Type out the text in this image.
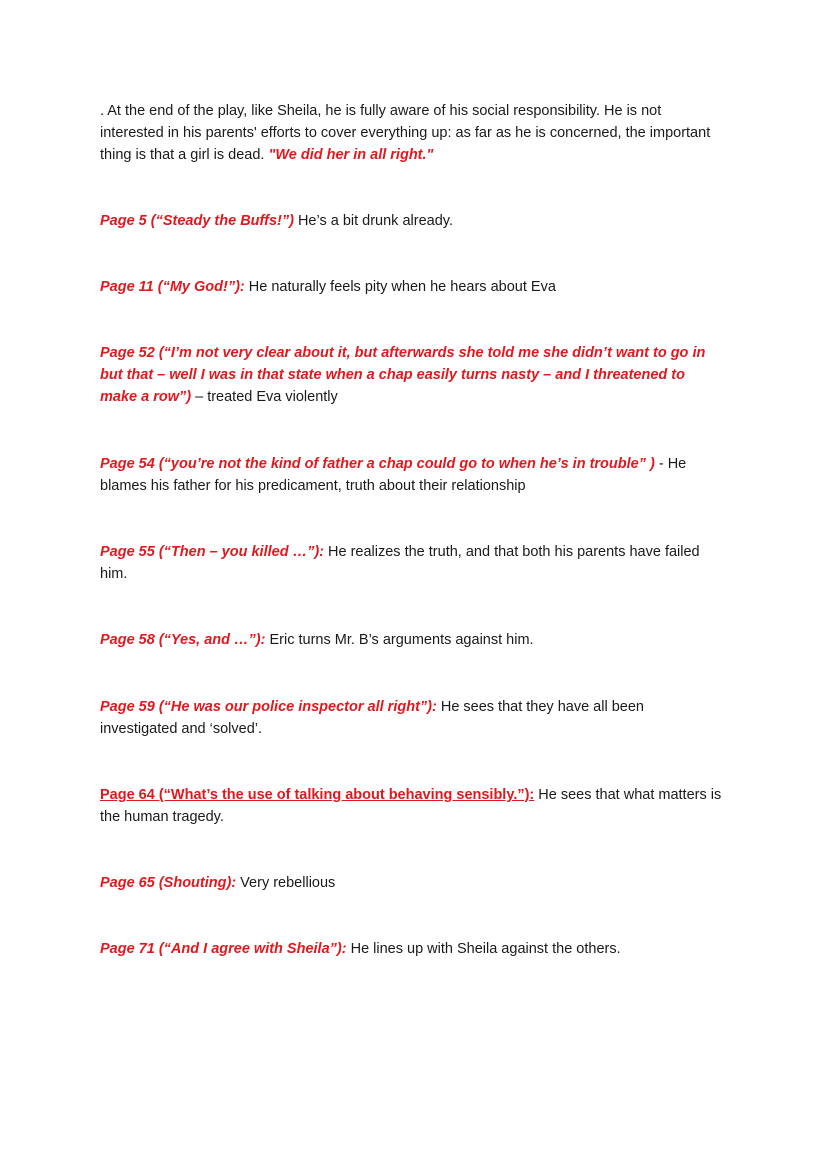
. At the end of the play, like Sheila, he is fully aware of his social responsibility. He is not interested in his parents' efforts to cover everything up: as far as he is concerned, the important thing is that a girl is dead. "We did her in all right."

Page 5 (“Steady the Buffs!”) He’s a bit drunk already.

Page 11 (“My God!”): He naturally feels pity when he hears about Eva

Page 52 (“I’m not very clear about it, but afterwards she told me she didn’t want to go in but that – well I was in that state when a chap easily turns nasty – and I threatened to make a row”) – treated Eva violently

Page 54 (“you’re not the kind of father a chap could go to when he’s in trouble” ) - He blames his father for his predicament, truth about their relationship

Page 55 (“Then – you killed …”): He realizes the truth, and that both his parents have failed him.

Page 58 (“Yes, and …”): Eric turns Mr. B’s arguments against him.

Page 59 (“He was our police inspector all right”): He sees that they have all been investigated and ‘solved’.

Page 64 (“What’s the use of talking about behaving sensibly.”): He sees that what matters is the human tragedy.

Page 65 (Shouting): Very rebellious

Page 71 (“And I agree with Sheila”): He lines up with Sheila against the others.
